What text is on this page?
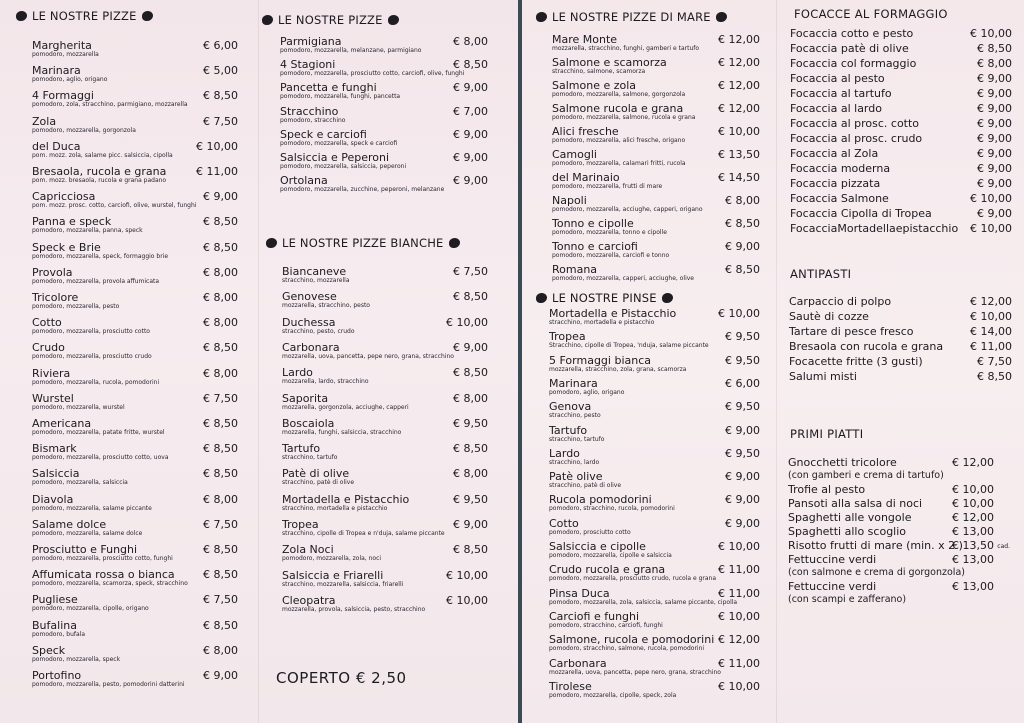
LE NOSTRE PIZZE
Margherita
pomodoro, mozzarella
€ 6,00
Marinara
pomodoro, aglio, origano
€ 5,00
4 Formaggi
pomodoro, zola, stracchino, parmigiano, mozzarella
€ 8,50
Zola
pomodoro, mozzarella, gorgonzola
€ 7,50
del Duca
pom. mozz. zola, salame picc. salsiccia, cipolla
€ 10,00
Bresaola, rucola e grana
pom. mozz. bresaola, rucola e grana padano
€ 11,00
Capricciosa
pom. mozz. prosc. cotto, carciofi, olive, wurstel, funghi
€ 9,00
Panna e speck
pomodoro, mozzarella, panna, speck
€ 8,50
Speck e Brie
pomodoro, mozzarella, speck, formaggio brie
€ 8,50
Provola
pomodoro, mozzarella, provola affumicata
€ 8,00
Tricolore
pomodoro, mozzarella, pesto
€ 8,00
Cotto
pomodoro, mozzarella, prosciutto cotto
€ 8,00
Crudo
pomodoro, mozzarella, prosciutto crudo
€ 8,50
Riviera
pomodoro, mozzarella, rucola, pomodorini
€ 8,00
Wurstel
pomodoro, mozzarella, wurstel
€ 7,50
Americana
pomodoro, mozzarella, patate fritte, wurstel
€ 8,50
Bismark
pomodoro, mozzarella, prosciutto cotto, uova
€ 8,50
Salsiccia
pomodoro, mozzarella, salsiccia
€ 8,50
Diavola
pomodoro, mozzarella, salame piccante
€ 8,00
Salame dolce
pomodoro, mozzarella, salame dolce
€ 7,50
Prosciutto e Funghi
pomodoro, mozzarella, prosciutto cotto, funghi
€ 8,50
Affumicata rossa o bianca
pomodoro, mozzarella, scamorza, speck, stracchino
€ 8,50
Pugliese
pomodoro, mozzarella, cipolle, origano
€ 7,50
Bufalina
pomodoro, bufala
€ 8,50
Speck
pomodoro, mozzarella, speck
€ 8,00
Portofino
pomodoro, mozzarella, pesto, pomodorini datterini
€ 9,00
LE NOSTRE PIZZE
Parmigiana
pomodoro, mozzarella, melanzane, parmigiano
€ 8,00
4 Stagioni
pomodoro, mozzarella, prosciutto cotto, carciofi, olive, funghi
€ 8,50
Pancetta e funghi
pomodoro, mozzarella, funghi, pancetta
€ 9,00
Stracchino
pomodoro, stracchino
€ 7,00
Speck e carciofi
pomodoro, mozzarella, speck e carciofi
€ 9,00
Salsiccia e Peperoni
pomodoro, mozzarella, salsiccia, peperoni
€ 9,00
Ortolana
pomodoro, mozzarella, zucchine, peperoni, melanzane
€ 9,00
LE NOSTRE PIZZE BIANCHE
Biancaneve
stracchino, mozzarella
€ 7,50
Genovese
mozzarella, stracchino, pesto
€ 8,50
Duchessa
stracchino, pesto, crudo
€ 10,00
Carbonara
mozzarella, uova, pancetta, pepe nero, grana, stracchino
€ 9,00
Lardo
mozzarella, lardo, stracchino
€ 8,50
Saporita
mozzarella, gorgonzola, acciughe, capperi
€ 8,00
Boscaiola
mozzarella, funghi, salsiccia, stracchino
€ 9,50
Tartufo
stracchino, tartufo
€ 8,50
Patè di olive
stracchino, patè di olive
€ 8,00
Mortadella e Pistacchio
stracchino, mortadella e pistacchio
€ 9,50
Tropea
stracchino, cipolle di Tropea e n'duja, salame piccante
€ 9,00
Zola Noci
pomodoro, mozzarella, zola, noci
€ 8,50
Salsiccia e Friarelli
stracchino, mozzarella, salsiccia, friarelli
€ 10,00
Cleopatra
mozzarella, provola, salsiccia, pesto, stracchino
€ 10,00
COPERTO € 2,50
LE NOSTRE PIZZE DI MARE
Mare Monte
mozzarella, stracchino, funghi, gamberi e tartufo
€ 12,00
Salmone e scamorza
stracchino, salmone, scamorza
€ 12,00
Salmone e zola
pomodoro, mozzarella, salmone, gorgonzola
€ 12,00
Salmone rucola e grana
pomodoro, mozzarella, salmone, rucola e grana
€ 12,00
Alici fresche
pomodoro, mozzarella, alici fresche, origano
€ 10,00
Camogli
pomodoro, mozzarella, calamari fritti, rucola
€ 13,50
del Marinaio
pomodoro, mozzarella, frutti di mare
€ 14,50
Napoli
pomodoro, mozzarella, acciughe, capperi, origano
€ 8,00
Tonno e cipolle
pomodoro, mozzarella, tonno e cipolle
€ 8,50
Tonno e carciofi
pomodoro, mozzarella, carciofi e tonno
€ 9,00
Romana
pomodoro, mozzarella, capperi, acciughe, olive
€ 8,50
LE NOSTRE PINSE
Mortadella e Pistacchio
stracchino, mortadella e pistacchio
€ 10,00
Tropea
Stracchino, cipolle di Tropea, 'nduja, salame piccante
€ 9,50
5 Formaggi bianca
mozzarella, stracchino, zola, grana, scamorza
€ 9,50
Marinara
pomodoro, aglio, origano
€ 6,00
Genova
stracchino, pesto
€ 9,50
Tartufo
stracchino, tartufo
€ 9,00
Lardo
stracchino, lardo
€ 9,50
Patè olive
stracchino, patè di olive
€ 9,00
Rucola pomodorini
pomodoro, stracchino, rucola, pomodorini
€ 9,00
Cotto
pomodoro, prosciutto cotto
€ 9,00
Salsiccia e cipolle
pomodoro, mozzarella, cipolle e salsiccia
€ 10,00
Crudo rucola e grana
pomodoro, mozzarella, prosciutto crudo, rucola e grana
€ 11,00
Pinsa Duca
pomodoro, mozzarella, zola, salsiccia, salame piccante, cipolla
€ 11,00
Carciofi e funghi
pomodoro, stracchino, carciofi, funghi
€ 10,00
Salmone, rucola e pomodorini
pomodoro, stracchino, salmone, rucola, pomodorini
€ 12,00
Carbonara
mozzarella, uova, pancetta, pepe nero, grana, stracchino
€ 11,00
Tirolese
pomodoro, mozzarella, cipolle, speck, zola
€ 10,00
FOCACCE AL FORMAGGIO
Focaccia cotto e pesto	€ 10,00
Focaccia patè di olive	€ 8,50
Focaccia col formaggio	€ 8,00
Focaccia al pesto	€ 9,00
Focaccia al tartufo	€ 9,00
Focaccia al lardo	€ 9,00
Focaccia al prosc. cotto	€ 9,00
Focaccia al prosc. crudo	€ 9,00
Focaccia al Zola	€ 9,00
Focaccia moderna	€ 9,00
Focaccia pizzata	€ 9,00
Focaccia Salmone	€ 10,00
Focaccia Cipolla di Tropea	€ 9,00
FocacciaMortadellaepistacchio € 10,00
ANTIPASTI
Carpaccio di polpo	€ 12,00
Sautè di cozze	€ 10,00
Tartare di pesce fresco	€ 14,00
Bresaola con rucola e grana € 11,00
Focacette fritte (3 gusti)	€ 7,50
Salumi misti	€ 8,50
PRIMI PIATTI
Gnocchetti tricolore
(con gamberi e crema di tartufo)
€ 12,00
Trofie al pesto	€ 10,00
Pansoti alla salsa di noci	€ 10,00
Spaghetti alle vongole	€ 12,00
Spaghetti allo scoglio	€ 13,00
Risotto frutti di mare (min. x 2 )
€ 13,50 cad.
Fettuccine verdi
(con salmone e crema di gorgonzola)
€ 13,00
Fettuccine verdi
(con scampi e zafferano)
€ 13,00
